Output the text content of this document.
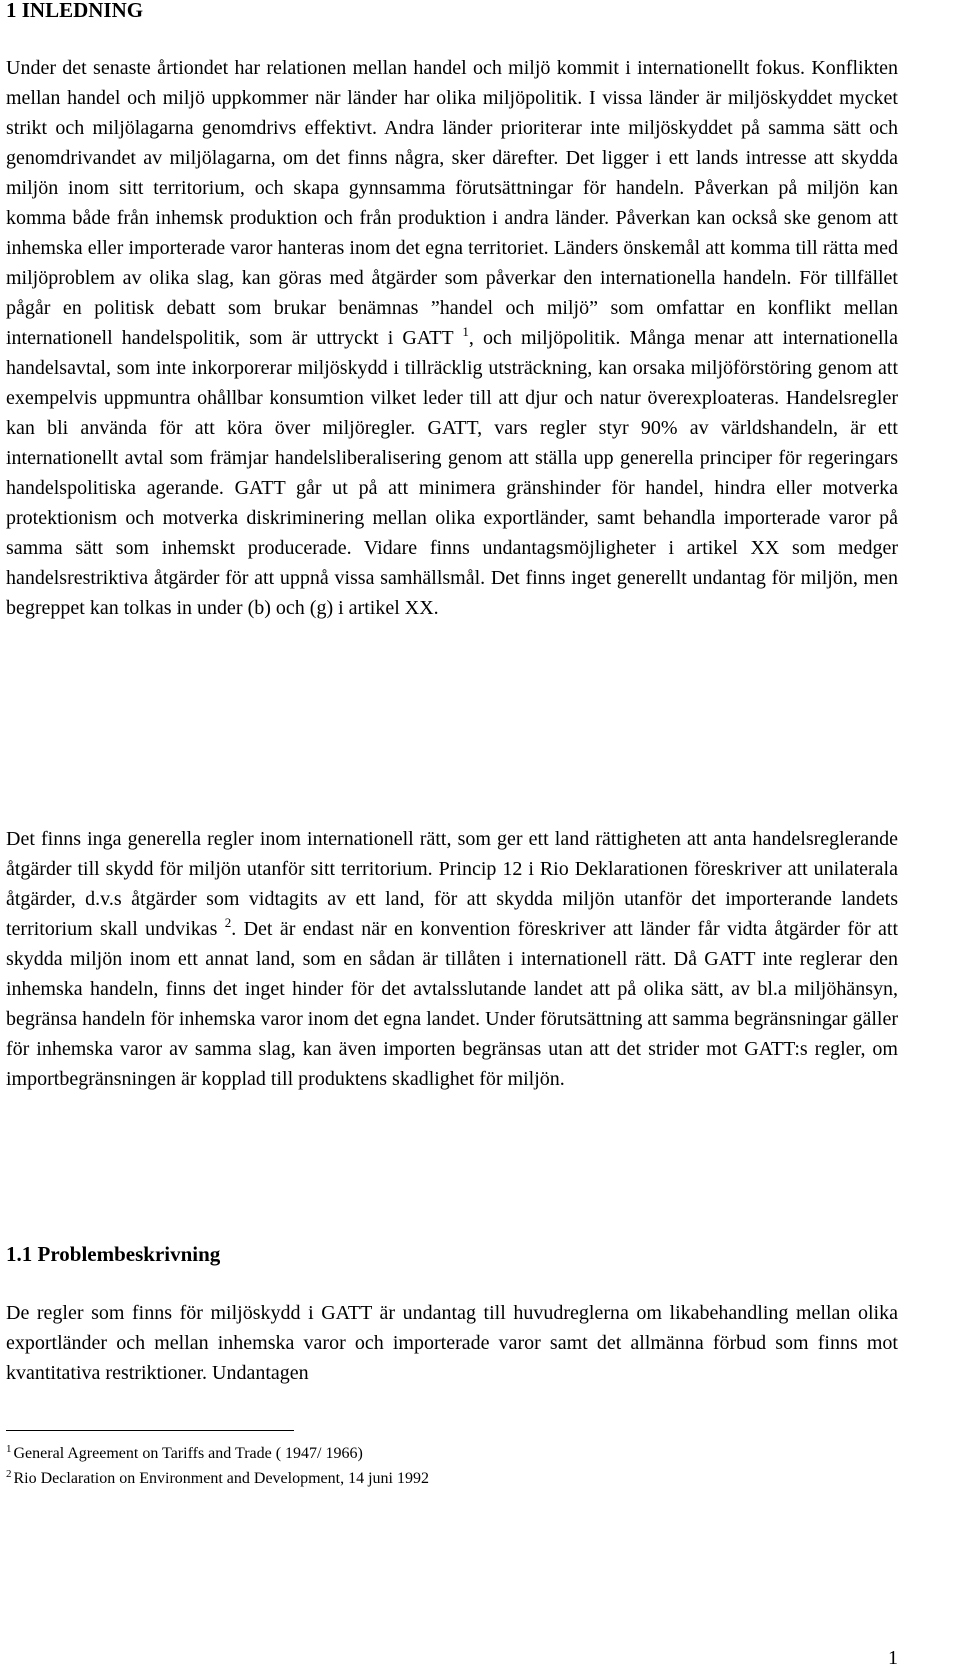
1 INLEDNING

Under det senaste årtiondet har relationen mellan handel och miljö kommit i internationellt fokus. Konflikten mellan handel och miljö uppkommer när länder har olika miljöpolitik. I vissa länder är miljöskyddet mycket strikt och miljölagarna genomdrivs effektivt. Andra länder prioriterar inte miljöskyddet på samma sätt och genomdrivandet av miljölagarna, om det finns några, sker därefter. Det ligger i ett lands intresse att skydda miljön inom sitt territorium, och skapa gynnsamma förutsättningar för handeln. Påverkan på miljön kan komma både från inhemsk produktion och från produktion i andra länder. Påverkan kan också ske genom att inhemska eller importerade varor hanteras inom det egna territoriet. Länders önskemål att komma till rätta med miljöproblem av olika slag, kan göras med åtgärder som påverkar den internationella handeln. För tillfället pågår en politisk debatt som brukar benämnas ”handel och miljö” som omfattar en konflikt mellan internationell handelspolitik, som är uttryckt i GATT $^1$, och miljöpolitik. Många menar att internationella handelsavtal, som inte inkorporerar miljöskydd i tillräcklig utsträckning, kan orsaka miljöförstöring genom att exempelvis uppmuntra ohållbar konsumtion vilket leder till att djur och natur överexploateras. Handelsregler kan bli använda för att köra över miljöregler. GATT, vars regler styr 90% av världshandeln, är ett internationellt avtal som främjar handelsliberalisering genom att ställa upp generella principer för regeringars handelspolitiska agerande. GATT går ut på att minimera gränshinder för handel, hindra eller motverka protektionism och motverka diskriminering mellan olika exportländer, samt behandla importerade varor på samma sätt som inhemskt producerade. Vidare finns undantagsmöjligheter i artikel XX som medger handelsrestriktiva åtgärder för att uppnå vissa samhällsmål. Det finns inget generellt undantag för miljön, men begreppet kan tolkas in under (b) och (g) i artikel XX.

Det finns inga generella regler inom internationell rätt, som ger ett land rättigheten att anta handelsreglerande åtgärder till skydd för miljön utanför sitt territorium. Princip 12 i Rio Deklarationen föreskriver att unilaterala åtgärder, d.v.s åtgärder som vidtagits av ett land, för att skydda miljön utanför det importerande landets territorium skall undvikas $^2$. Det är endast när en konvention föreskriver att länder får vidta åtgärder för att skydda miljön inom ett annat land, som en sådan är tillåten i internationell rätt. Då GATT inte reglerar den inhemska handeln, finns det inget hinder för det avtalsslutande landet att på olika sätt, av bl.a miljöhänsyn, begränsa handeln för inhemska varor inom det egna landet. Under förutsättning att samma begränsningar gäller för inhemska varor av samma slag, kan även importen begränsas utan att det strider mot GATT:s regler, om importbegränsningen är kopplad till produktens skadlighet för miljön.

1.1 Problembeskrivning

De regler som finns för miljöskydd i GATT är undantag till huvudreglerna om likabehandling mellan olika exportländer och mellan inhemska varor och importerade varor samt det allmänna förbud som finns mot kvantitativa restriktioner. Undantagen

$^1$ General Agreement on Tariffs and Trade ( 1947/ 1966)
$^2$ Rio Declaration on Environment and Development, 14 juni 1992
1
